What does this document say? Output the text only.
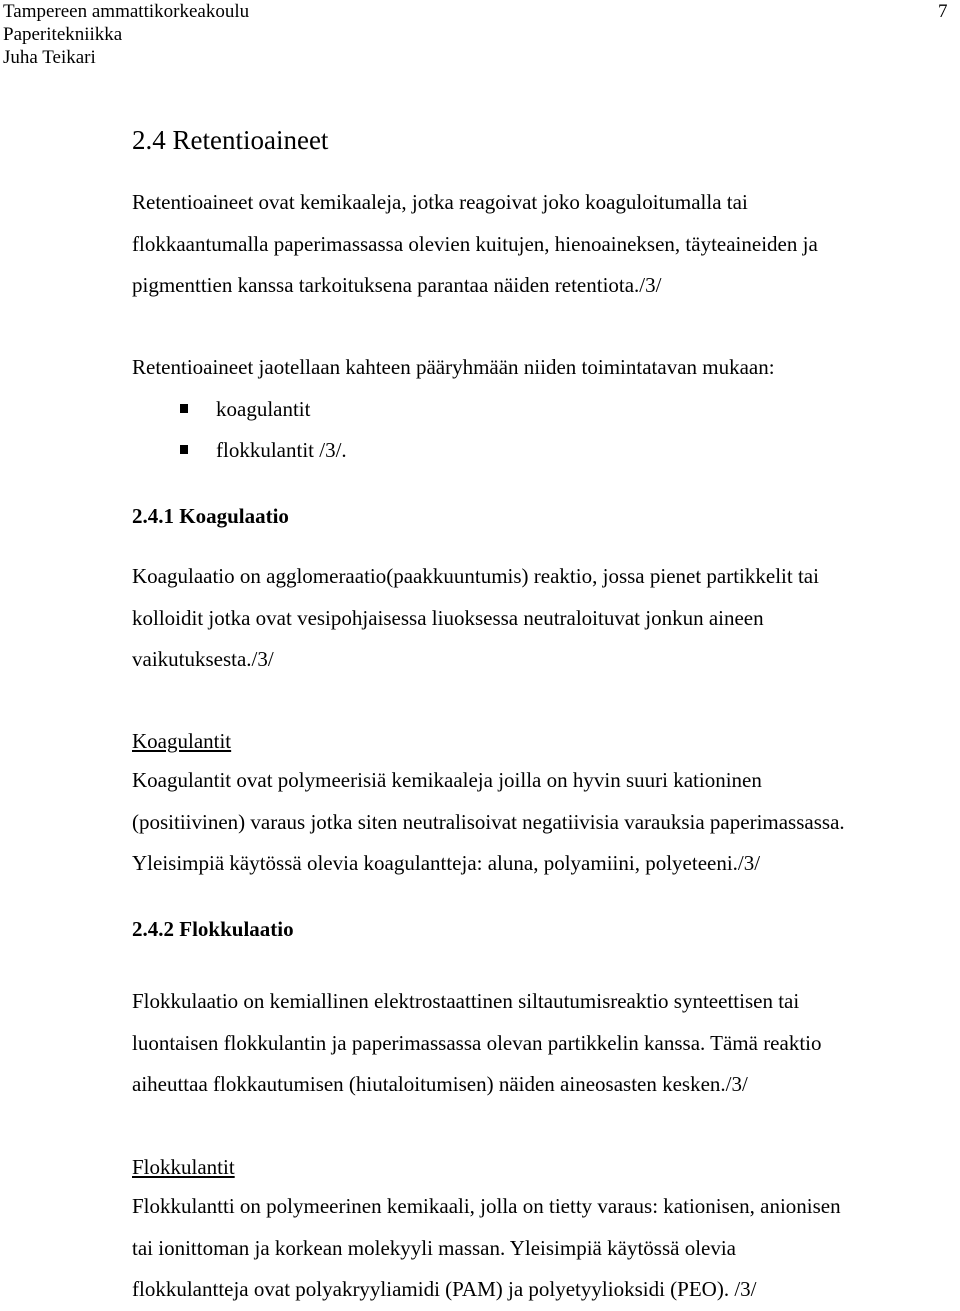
Tampereen ammattikorkeakoulu
Paperitekniikka
Juha Teikari
7
2.4 Retentioaineet
Retentioaineet ovat kemikaaleja, jotka reagoivat joko koaguloitumalla tai
flokkaantumalla paperimassassa olevien kuitujen, hienoaineksen, täyteaineiden ja
pigmenttien kanssa tarkoituksena parantaa näiden retentiota./3/
Retentioaineet jaotellaan kahteen pääryhmään niiden toimintatavan mukaan:
koagulantit
flokkulantit /3/.
2.4.1 Koagulaatio
Koagulaatio on agglomeraatio(paakkuuntumis) reaktio, jossa pienet partikkelit tai
kolloidit jotka ovat vesipohjaisessa liuoksessa neutraloituvat jonkun aineen
vaikutuksesta./3/
Koagulantit
Koagulantit ovat polymeerisiä kemikaaleja joilla on hyvin suuri kationinen
(positiivinen) varaus jotka siten neutralisoivat negatiivisia varauksia paperimassassa.
Yleisimpiä käytössä olevia koagulantteja: aluna, polyamiini, polyeteeni./3/
2.4.2 Flokkulaatio
Flokkulaatio on kemiallinen elektrostaattinen siltautumisreaktio synteettisen tai
luontaisen flokkulantin ja paperimassassa olevan partikkelin kanssa. Tämä reaktio
aiheuttaa flokkautumisen (hiutaloitumisen) näiden aineosasten kesken./3/
Flokkulantit
Flokkulantti on polymeerinen kemikaali, jolla on tietty varaus: kationisen, anionisen
tai ionittoman ja korkean molekyyli massan. Yleisimpiä käytössä olevia
flokkulantteja ovat polyakryyliamidi (PAM) ja polyetyylioksidi (PEO). /3/
